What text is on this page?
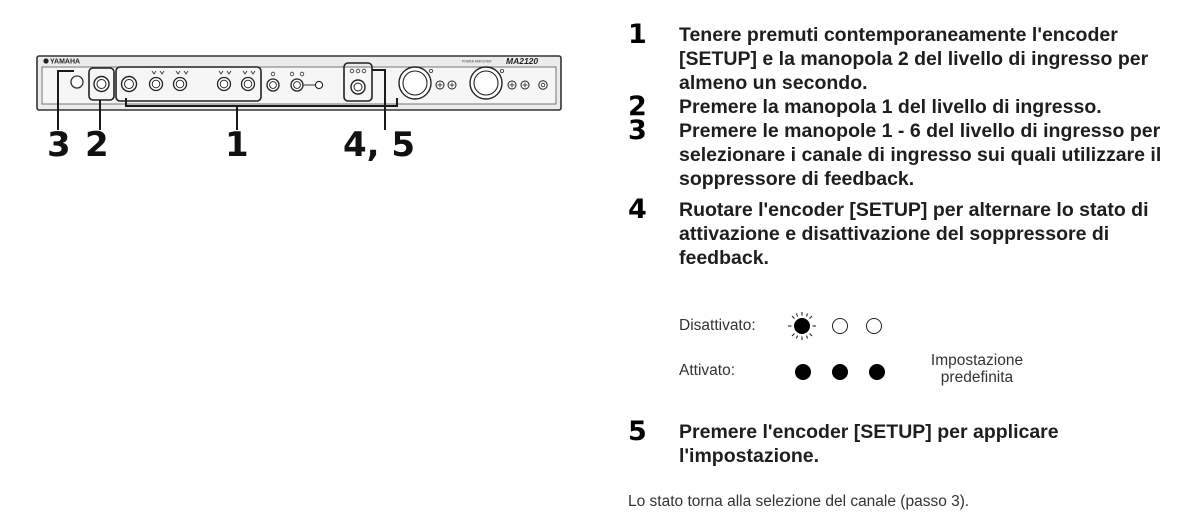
YAMAHA	POWER AMPLIFIER MA2120
3 2	1	4, 5
1 Tenere premuti contemporaneamente l'encoder [SETUP] e la manopola 2 del livello di ingresso per almeno un secondo.
2 Premere la manopola 1 del livello di ingresso.
3 Premere le manopole 1 - 6 del livello di ingresso per selezionare i canale di ingresso sui quali utilizzare il soppressore di feedback.
4 Ruotare l'encoder [SETUP] per alternare lo stato di attivazione e disattivazione del soppressore di feedback.
5 Premere l'encoder [SETUP] per applicare l'impostazione.
Disattivato:
Attivato:
Impostazione predefinita
Lo stato torna alla selezione del canale (passo 3).
